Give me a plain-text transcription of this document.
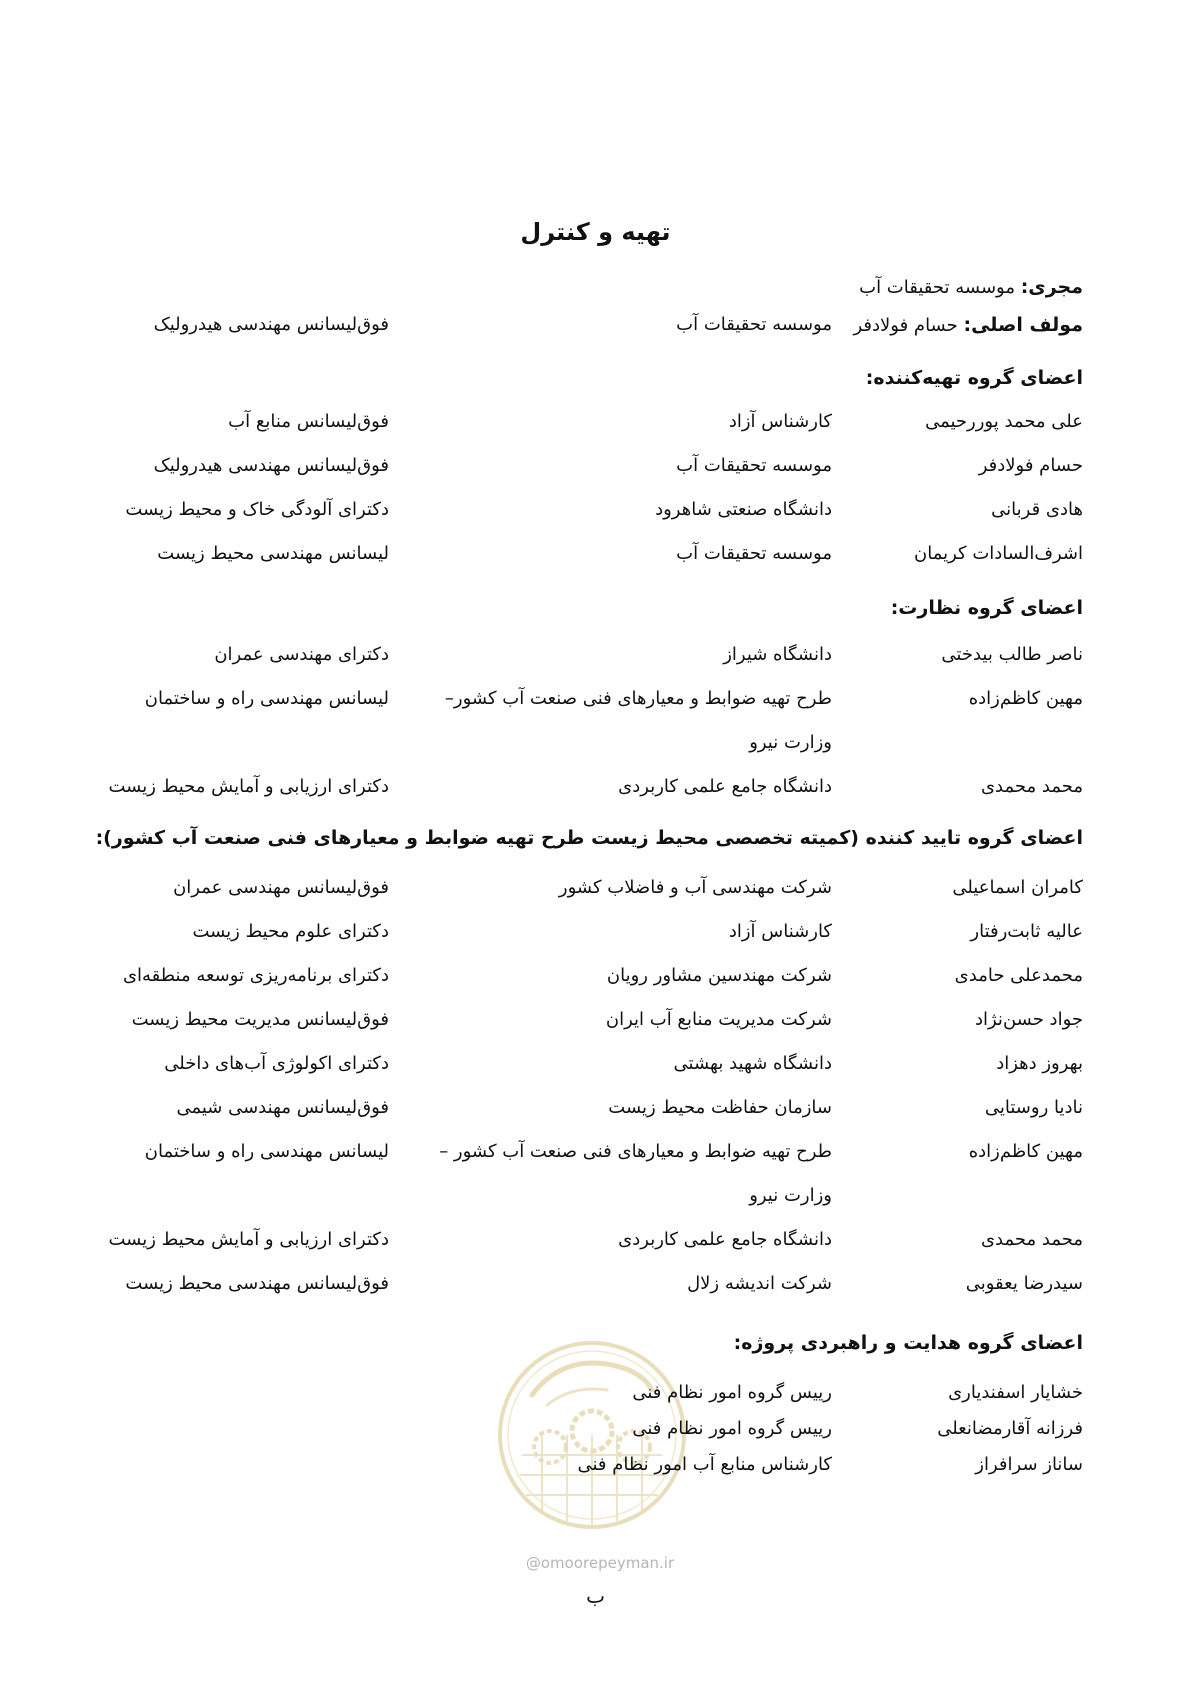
تهیه و کنترل
مجری: موسسه تحقیقات آب
مولف اصلی: حسام فولادفر
موسسه تحقیقات آب
فوق‌لیسانس مهندسی هیدرولیک
اعضای گروه تهیه‌کننده:
علی محمد پوررحیمی
کارشناس آزاد
فوق‌لیسانس منابع آب
حسام فولادفر
موسسه تحقیقات آب
فوق‌لیسانس مهندسی هیدرولیک
هادی قربانی
دانشگاه صنعتی شاهرود
دکترای آلودگی خاک و محیط زیست
اشرف‌السادات کریمان
موسسه تحقیقات آب
لیسانس مهندسی محیط زیست
اعضای گروه نظارت:
ناصر طالب بیدختی
دانشگاه شیراز
دکترای مهندسی عمران
مهین کاظم‌زاده
طرح تهیه ضوابط و معیارهای فنی صنعت آب کشور–
لیسانس مهندسی راه و ساختمان
وزارت نیرو
محمد محمدی
دانشگاه جامع علمی کاربردی
دکترای ارزیابی و آمایش محیط زیست
اعضای گروه تایید کننده (کمیته تخصصی محیط زیست طرح تهیه ضوابط و معیارهای فنی صنعت آب کشور):
کامران اسماعیلی
شرکت مهندسی آب و فاضلاب کشور
فوق‌لیسانس مهندسی عمران
عالیه ثابت‌رفتار
کارشناس آزاد
دکترای علوم محیط زیست
محمدعلی حامدی
شرکت مهندسین مشاور رویان
دکترای برنامه‌ریزی توسعه منطقه‌ای
جواد حسن‌نژاد
شرکت مدیریت منابع آب ایران
فوق‌لیسانس مدیریت محیط زیست
بهروز دهزاد
دانشگاه شهید بهشتی
دکترای اکولوژی آب‌های داخلی
نادیا روستایی
سازمان حفاظت محیط زیست
فوق‌لیسانس مهندسی شیمی
مهین کاظم‌زاده
طرح تهیه ضوابط و معیارهای فنی صنعت آب کشور –
لیسانس مهندسی راه و ساختمان
وزارت نیرو
محمد محمدی
دانشگاه جامع علمی کاربردی
دکترای ارزیابی و آمایش محیط زیست
سیدرضا یعقوبی
شرکت اندیشه زلال
فوق‌لیسانس مهندسی محیط زیست
اعضای گروه هدایت و راهبردی پروژه:
خشایار اسفندیاری
رییس گروه امور نظام فنی
فرزانه آقارمضانعلی
رییس گروه امور نظام فنی
ساناز سرافراز
کارشناس منابع آب امور نظام فنی
@omoorepeyman.ir
ب
